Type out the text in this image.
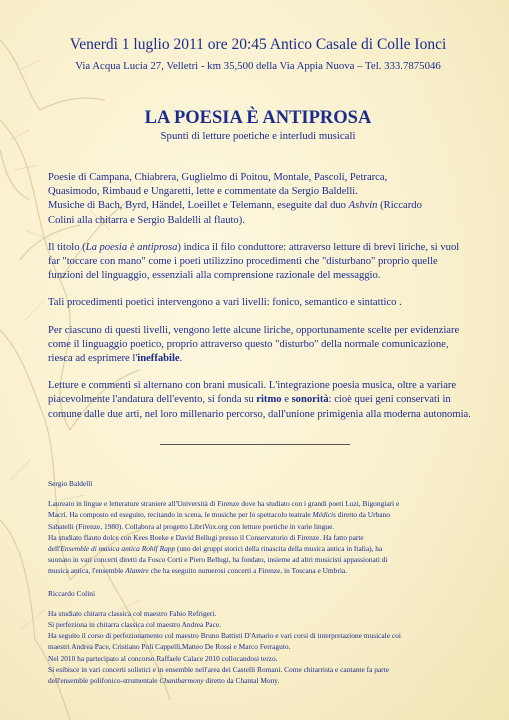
Venerdì 1 luglio 2011 ore 20:45 Antico Casale di Colle Ionci
Via Acqua Lucia 27, Velletri - km 35,500 della Via Appia Nuova – Tel. 333.7875046
LA POESIA È ANTIPROSA
Spunti di letture poetiche e interludi musicali

Poesie di Campana, Chiabrera, Guglielmo di Poitou, Montale, Pascoli, Petrarca,
Quasimodo, Rimbaud e Ungaretti, lette e commentate da Sergio Baldelli.
Musiche di Bach, Byrd, Händel, Loeillet e Telemann, eseguite dal duo Ashvin (Riccardo
Colini alla chitarra e Sergio Baldelli al flauto).

Il titolo (La poesia è antiprosa) indica il filo conduttore: attraverso letture di brevi liriche, si vuol far "toccare con mano" come i poeti utilizzino procedimenti che "disturbano" proprio quelle funzioni del linguaggio, essenziali alla comprensione razionale del messaggio.

Tali procedimenti poetici intervengono a vari livelli: fonico, semantico e sintattico .

Per ciascuno di questi livelli, vengono lette alcune liriche, opportunamente scelte per evidenziare come il linguaggio poetico, proprio attraverso questo "disturbo" della normale comunicazione, riesca ad esprimere l'ineffabile.

Letture e commenti si alternano con brani musicali. L'integrazione poesia musica, oltre a variare piacevolmente l'andatura dell'evento, si fonda su ritmo e sonorità: cioè quei geni conservati in comune dalle due arti, nel loro millenario percorso, dall'unione primigenia alla moderna autonomia.

Sergio Baldelli
Laureato in lingue e letterature straniere all'Università di Firenze dove ha studiato con i grandi poeti Luzi, Bigongiari e
Macrì. Ha composto ed eseguito, recitando in scena, le musiche per lo spettacolo teatrale Médicis diretto da Urbano
Sabatelli (Firenze, 1980). Collabora al progetto LibriVox.org con letture poetiche in varie lingue.
Ha studiato flauto dolce con Kees Boeke e David Bellugi presso il Conservatorio di Firenze. Ha fatto parte
dell'Ensemble di musica antica Rohlf Rapp (uno dei gruppi storici della rinascita della musica antica in Italia), ha
suonato in vari concerti diretti da Fosco Corti e Piero Bellugi, ha fondato, insieme ad altri musicisti appassionati di
musica antica, l'ensemble Alamire che ha eseguito numerosi concerti a Firenze, in Toscana e Umbria.
Riccardo Colini
Ha studiato chitarra classica col maestro Fabio Refrigeri.
Si perfeziona in chitarra classica col maestro Andrea Pace.
Ha seguito il corso di perfezionamento col maestro Bruno Battisti D'Amario e vari corsi di interpretazione musicale coi
maestri Andrea Pace, Cristiano Poli Cappelli,Matteo De Rossi e Marco Ferraguto.
Nel 2010 ha partecipato al concorso Raffaele Calace 2010 collocandosi terzo.
Si esibisce in vari concerti solistici e in ensemble nell'area dei Castelli Romani. Come chitarrista e cantante fa parte
dell'ensemble polifonico-strumentale Chantharmony diretto da Chantal Mony.
